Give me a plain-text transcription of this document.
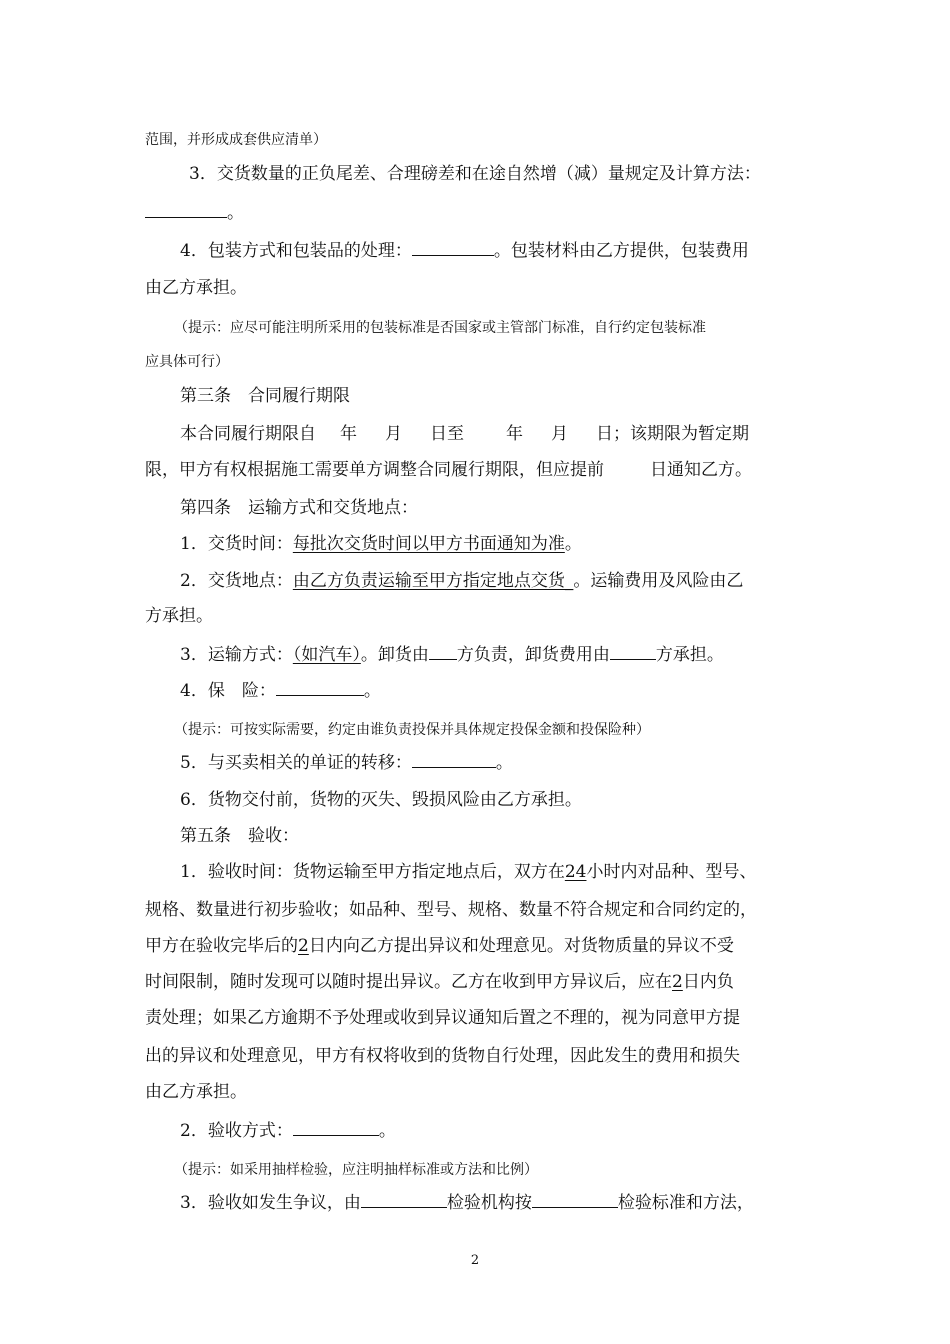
范围，并形成成套供应清单）
3．交货数量的正负尾差、合理磅差和在途自然增（减）量规定及计算方法：
。
4．包装方式和包装品的处理：	。包装材料由乙方提供，包装费用
由乙方承担。
（提示：应尽可能注明所采用的包装标准是否国家或主管部门标准，自行约定包装标准
应具体可行）
第三条　合同履行期限
本合同履行期限自 年 月 日至 年 月 日；该期限为暂定期
限，甲方有权根据施工需要单方调整合同履行期限，但应提前	日通知乙方。
第四条　运输方式和交货地点：
1．交货时间：每批次交货时间以甲方书面通知为准。
2．交货地点：由乙方负责运输至甲方指定地点交货_。运输费用及风险由乙
方承担。
3．运输方式：（如汽车）。卸货由 方负责，卸货费用由	方承担。
4．保　险：	。
（提示：可按实际需要，约定由谁负责投保并具体规定投保金额和投保险种）
5．与买卖相关的单证的转移：	。
6．货物交付前，货物的灭失、毁损风险由乙方承担。
第五条　验收：
1．验收时间：货物运输至甲方指定地点后，双方在24小时内对品种、型号、
规格、数量进行初步验收；如品种、型号、规格、数量不符合规定和合同约定的，
甲方在验收完毕后的2日内向乙方提出异议和处理意见。对货物质量的异议不受
时间限制，随时发现可以随时提出异议。乙方在收到甲方异议后，应在2日内负
责处理；如果乙方逾期不予处理或收到异议通知后置之不理的，视为同意甲方提
出的异议和处理意见，甲方有权将收到的货物自行处理，因此发生的费用和损失
由乙方承担。
2．验收方式：	。
（提示：如采用抽样检验，应注明抽样标准或方法和比例）
3．验收如发生争议，由	检验机构按	检验标准和方法，
2
